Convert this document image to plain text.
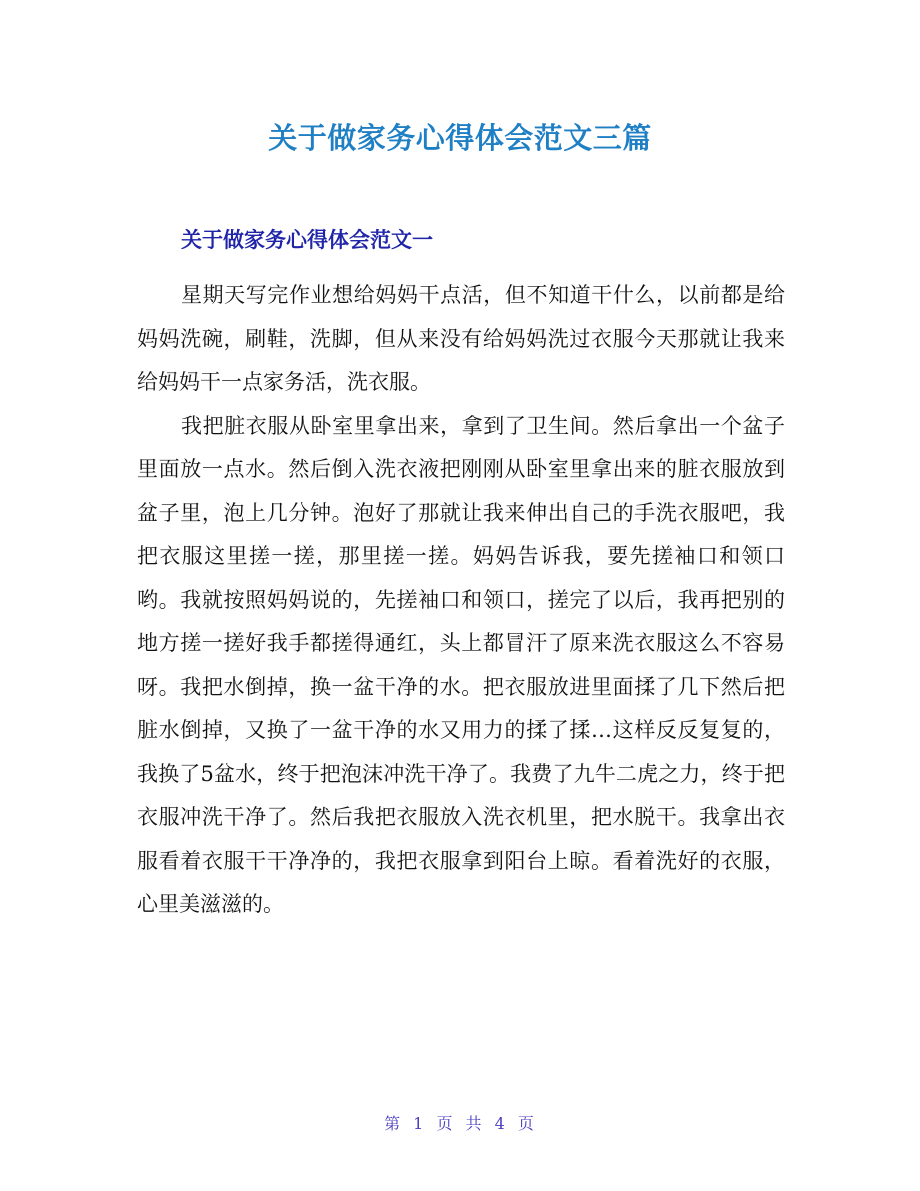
关于做家务心得体会范文三篇
关于做家务心得体会范文一

星期天写完作业想给妈妈干点活，但不知道干什么，以前都是给妈妈洗碗，刷鞋，洗脚，但从来没有给妈妈洗过衣服今天那就让我来给妈妈干一点家务活，洗衣服。

我把脏衣服从卧室里拿出来，拿到了卫生间。然后拿出一个盆子里面放一点水。然后倒入洗衣液把刚刚从卧室里拿出来的脏衣服放到盆子里，泡上几分钟。泡好了那就让我来伸出自己的手洗衣服吧，我把衣服这里搓一搓，那里搓一搓。妈妈告诉我，要先搓袖口和领口哟。我就按照妈妈说的，先搓袖口和领口，搓完了以后，我再把别的地方搓一搓好我手都搓得通红，头上都冒汗了原来洗衣服这么不容易呀。我把水倒掉，换一盆干净的水。把衣服放进里面揉了几下然后把脏水倒掉，又换了一盆干净的水又用力的揉了揉…这样反反复复的，我换了5盆水，终于把泡沫冲洗干净了。我费了九牛二虎之力，终于把衣服冲洗干净了。然后我把衣服放入洗衣机里，把水脱干。我拿出衣服看着衣服干干净净的，我把衣服拿到阳台上晾。看着洗好的衣服，心里美滋滋的。

第 1 页 共 4 页
